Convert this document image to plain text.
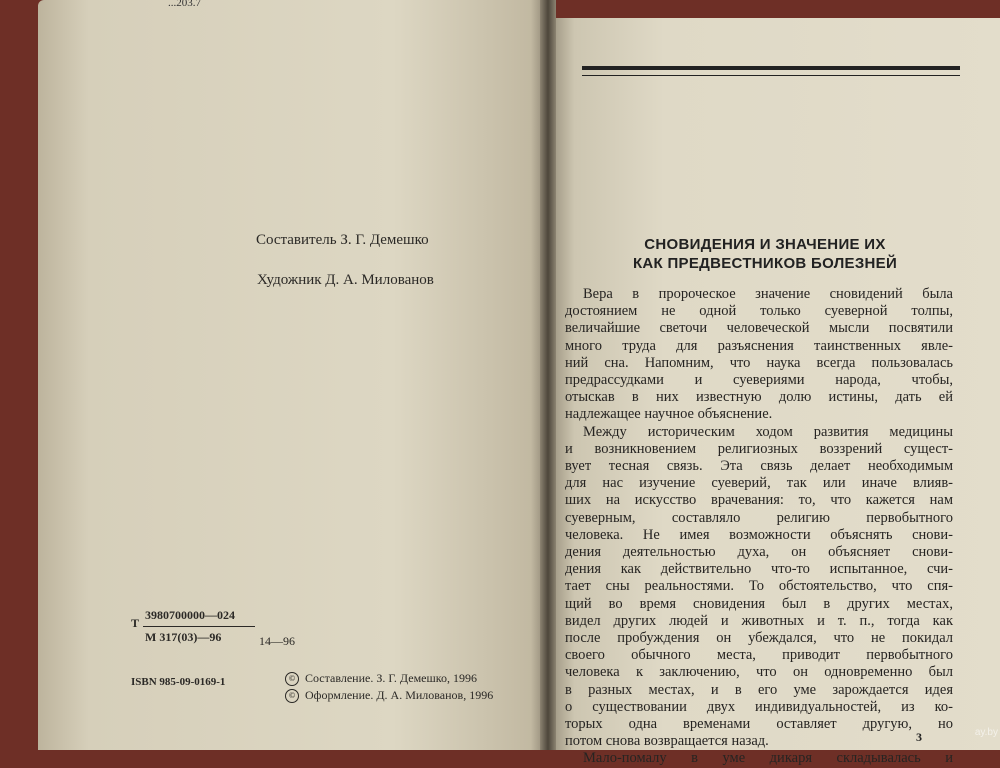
...203.7
Составитель З. Г. Демешко
Художник Д. А. Милованов
Т
3980700000—024
М 317(03)—96	14—96
ISBN 985-09-0169-1	© Составление. З. Г. Демешко, 1996
© Оформление. Д. А. Милованов, 1996
СНОВИДЕНИЯ И ЗНАЧЕНИЕ ИХ
КАК ПРЕДВЕСТНИКОВ БОЛЕЗНЕЙ
Вера в пророческое значение сновидений была
достоянием не одной только суеверной толпы,
величайшие светочи человеческой мысли посвятили
много труда для разъяснения таинственных явле-
ний сна. Напомним, что наука всегда пользовалась
предрассудками и суевериями народа, чтобы,
отыскав в них известную долю истины, дать ей
надлежащее научное объяснение.
Между историческим ходом развития медицины
и возникновением религиозных воззрений сущест-
вует тесная связь. Эта связь делает необходимым
для нас изучение суеверий, так или иначе влияв-
ших на искусство врачевания: то, что кажется нам
суеверным, составляло религию первобытного
человека. Не имея возможности объяснять снови-
дения деятельностью духа, он объясняет снови-
дения как действительно что-то испытанное, счи-
тает сны реальностями. То обстоятельство, что спя-
щий во время сновидения был в других местах,
видел других людей и животных и т. п., тогда как
после пробуждения он убеждался, что не покидал
своего обычного места, приводит первобытного
человека к заключению, что он одновременно был
в разных местах, и в его уме зарождается идея
о существовании двух индивидуальностей, из ко-
торых одна временами оставляет другую, но
потом снова возвращается назад.
Мало-помалу в уме дикаря складывалась и
3	ay.by
